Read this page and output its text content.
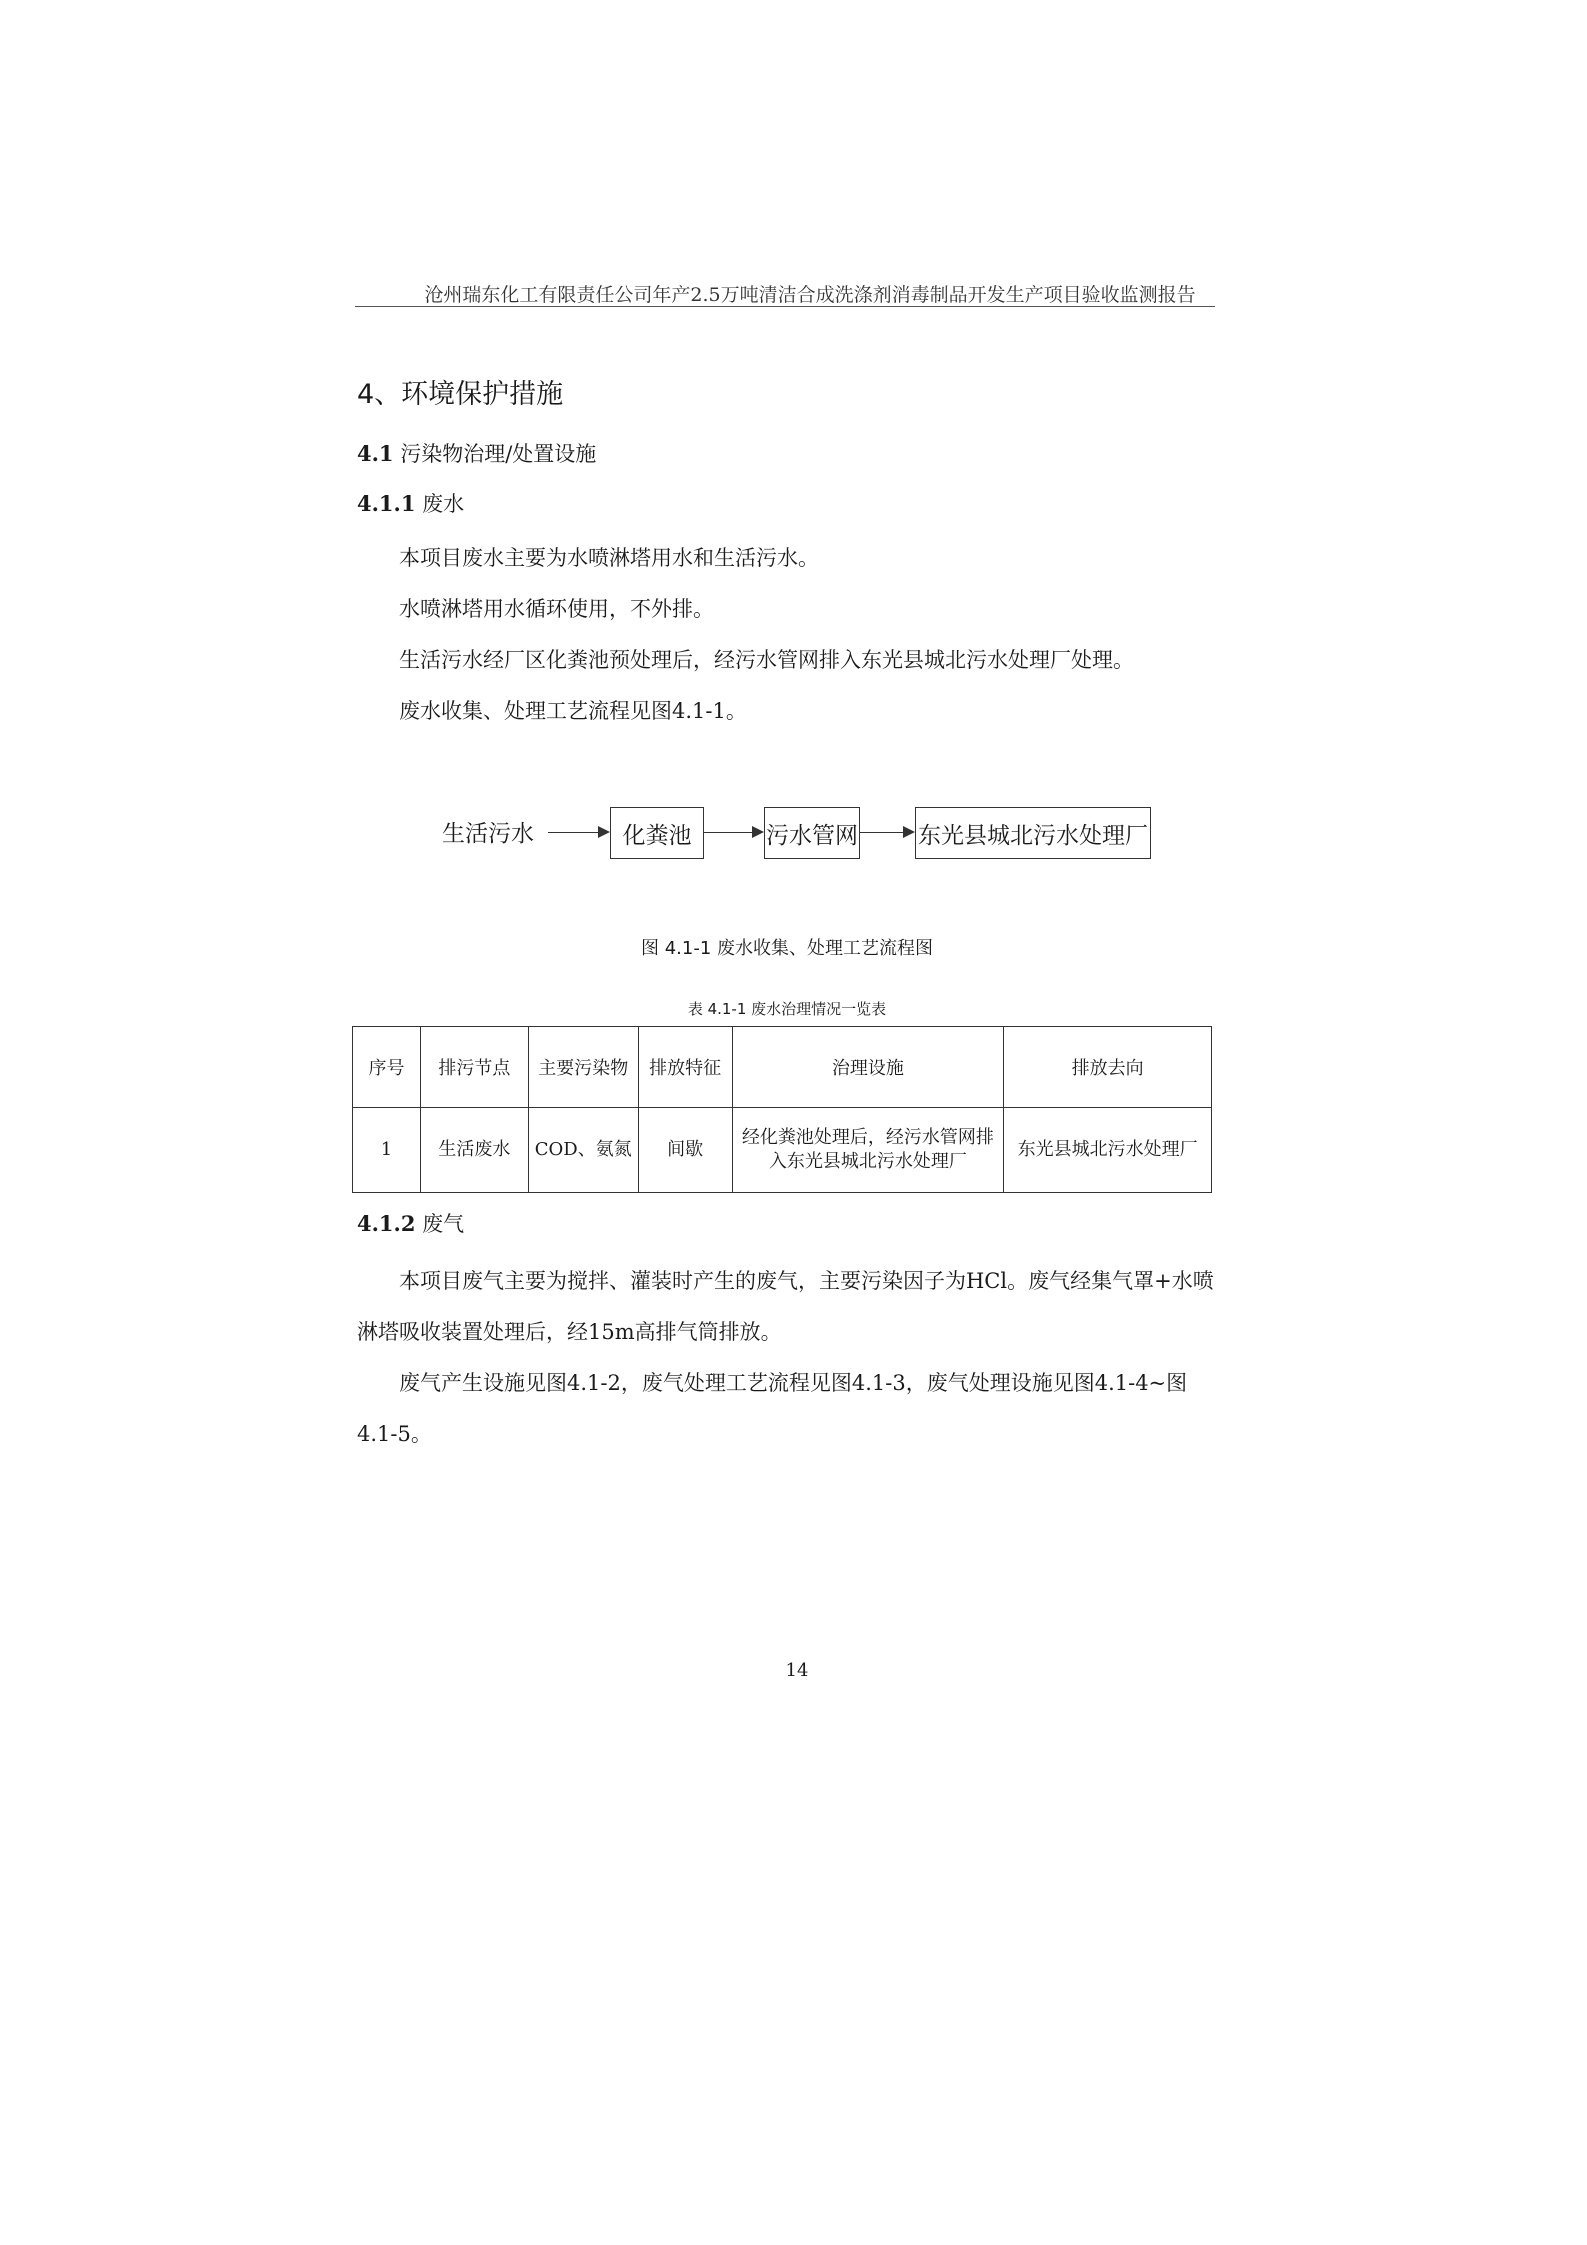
沧州瑞东化工有限责任公司年产2.5万吨清洁合成洗涤剂消毒制品开发生产项目验收监测报告
4、环境保护措施
4.1 污染物治理/处置设施
4.1.1 废水
本项目废水主要为水喷淋塔用水和生活污水。
水喷淋塔用水循环使用，不外排。
生活污水经厂区化粪池预处理后，经污水管网排入东光县城北污水处理厂处理。
废水收集、处理工艺流程见图4.1-1。
生活污水	化粪池	污水管网	东光县城北污水处理厂
图 4.1-1 废水收集、处理工艺流程图
表 4.1-1 废水治理情况一览表
序号	排污节点	主要污染物	排放特征	治理设施	排放去向
1	生活废水	COD、氨氮	间歇	经化粪池处理后，经污水管网排入东光县城北污水处理厂	东光县城北污水处理厂
4.1.2 废气
本项目废气主要为搅拌、灌装时产生的废气，主要污染因子为HCl。废气经集气罩+水喷淋塔吸收装置处理后，经15m高排气筒排放。
废气产生设施见图4.1-2，废气处理工艺流程见图4.1-3，废气处理设施见图4.1-4~图4.1-5。
14
